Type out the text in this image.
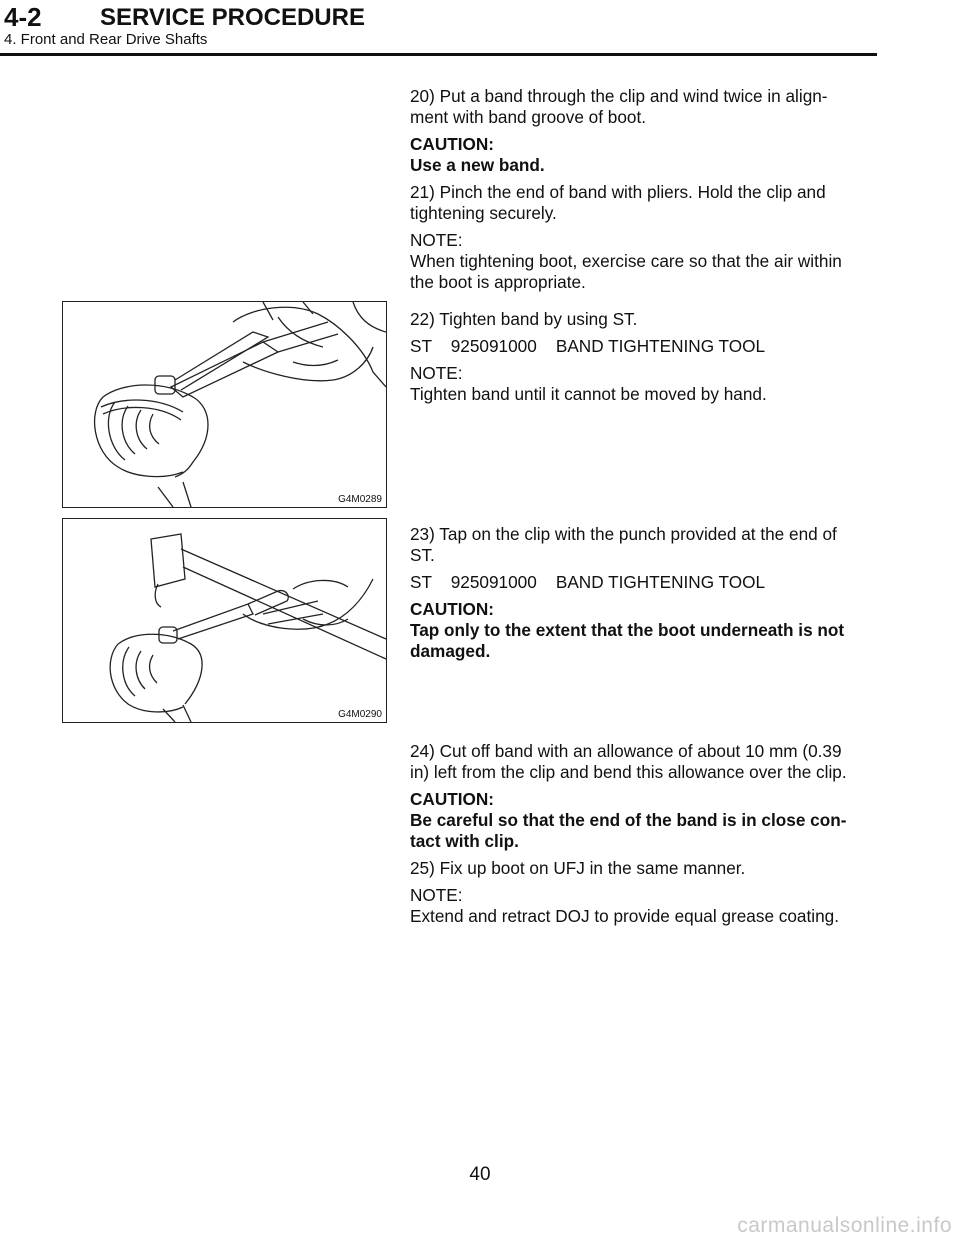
4-2 SERVICE PROCEDURE
4. Front and Rear Drive Shafts

20) Put a band through the clip and wind twice in align-

ment with band groove of boot.

CAUTION:

Use a new band.

21) Pinch the end of band with pliers. Hold the clip and

tightening securely.

NOTE:

When tightening boot, exercise care so that the air within

the boot is appropriate.

G4M0289

22) Tighten band by using ST.

ST    925091000    BAND TIGHTENING TOOL

NOTE:

Tighten band until it cannot be moved by hand.

G4M0290

23) Tap on the clip with the punch provided at the end of

ST.

ST    925091000    BAND TIGHTENING TOOL

CAUTION:

Tap only to the extent that the boot underneath is not

damaged.

24) Cut off band with an allowance of about 10 mm (0.39

in) left from the clip and bend this allowance over the clip.

CAUTION:

Be careful so that the end of the band is in close con-

tact with clip.

25) Fix up boot on UFJ in the same manner.

NOTE:

Extend and retract DOJ to provide equal grease coating.

40
carmanualsonline.info
